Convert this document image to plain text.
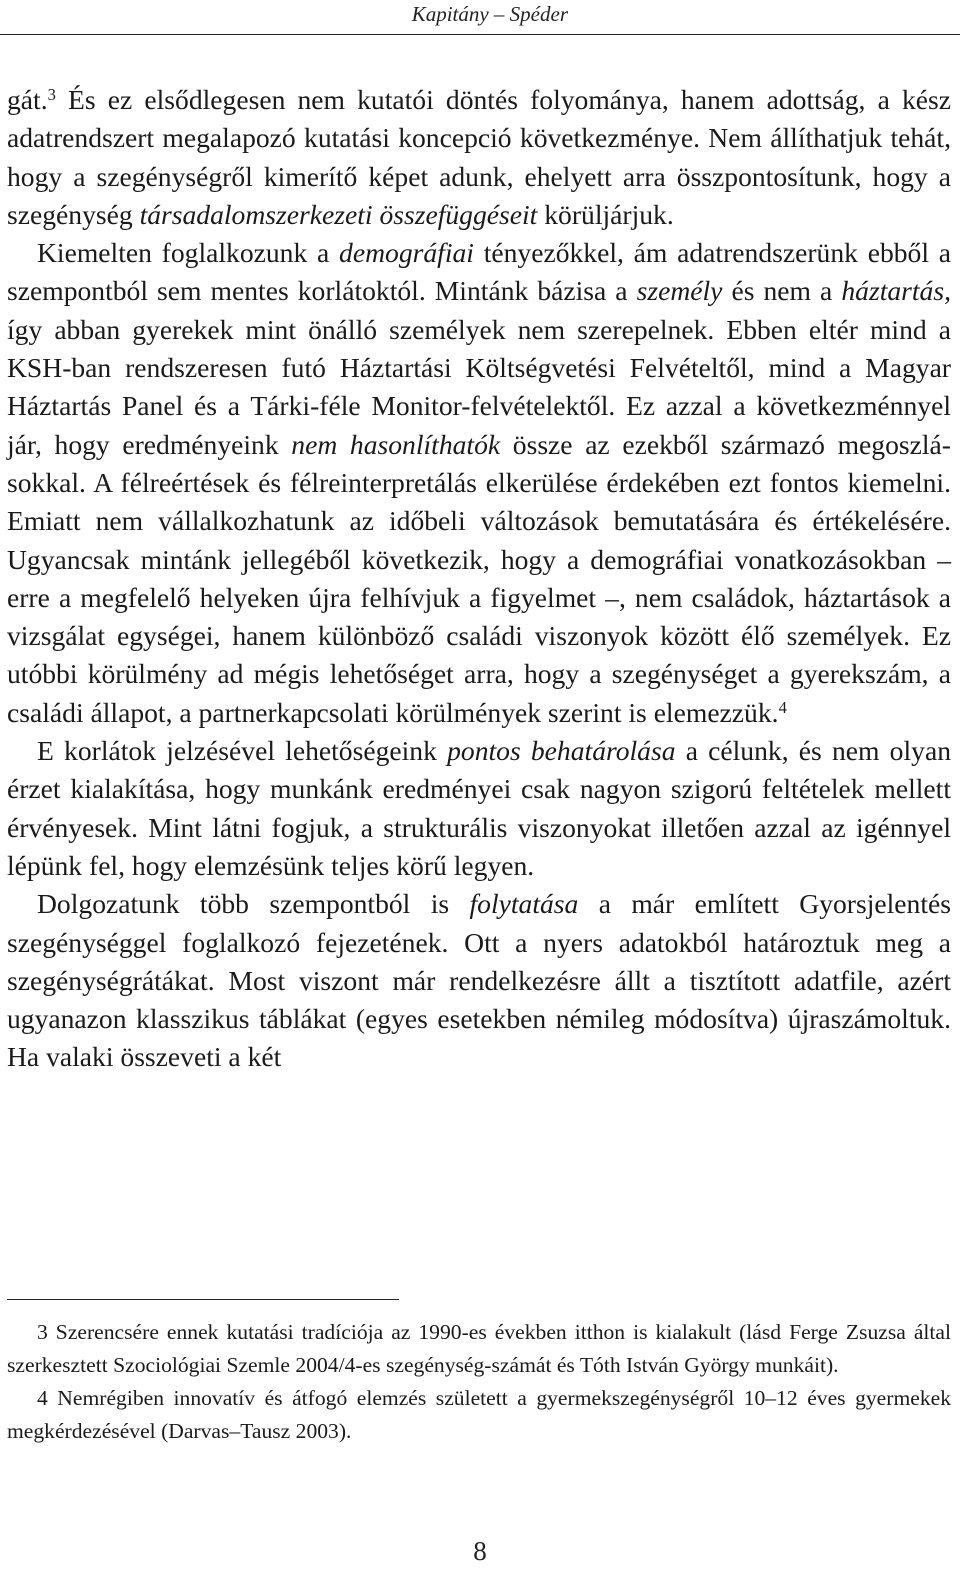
Kapitány – Spéder

gát.$^3$ És ez elsődlegesen nem kutatói döntés folyománya, hanem adottság, a kész adatrendszert megalapozó kutatási koncepció következménye. Nem állíthatjuk tehát, hogy a szegénységről kimerítő képet adunk, ehelyett arra összpontosítunk, hogy a szegénység társadalomszerkezeti összefüggéseit körüljárjuk.

Kiemelten foglalkozunk a demográfiai tényezőkkel, ám adatrendszerünk ebből a szempontból sem mentes korlátoktól. Mintánk bázisa a személy és nem a háztartás, így abban gyerekek mint önálló személyek nem szerepelnek. Ebben eltér mind a KSH-ban rendszeresen futó Háztartási Költségvetési Felvételtől, mind a Magyar Háztartás Panel és a Tárki-féle Monitor-felvételektől. Ez azzal a következménnyel jár, hogy eredményeink nem hasonlíthatók össze az ezekből származó megoszlásokkal. A félreértések és félreinterpretálás elkerülése érdekében ezt fontos kiemelni. Emiatt nem vállalkozhatunk az időbeli változások bemutatására és értékelésére. Ugyancsak mintánk jellegéből következik, hogy a demográfiai vonatkozásokban – erre a megfelelő helyeken újra felhívjuk a figyelmet –, nem családok, háztartások a vizsgálat egységei, hanem különböző családi viszonyok között élő személyek. Ez utóbbi körülmény ad mégis lehetőséget arra, hogy a szegénységet a gyerekszám, a családi állapot, a partnerkapcsolati körülmények szerint is elemezzük.$^4$

E korlátok jelzésével lehetőségeink pontos behatárolása a célunk, és nem olyan érzet kialakítása, hogy munkánk eredményei csak nagyon szigorú feltételek mellett érvényesek. Mint látni fogjuk, a strukturális viszonyokat illetően azzal az igénnyel lépünk fel, hogy elemzésünk teljes körű legyen.

Dolgozatunk több szempontból is folytatása a már említett Gyorsjelentés szegénységgel foglalkozó fejezetének. Ott a nyers adatokból határoztuk meg a szegénységrátákat. Most viszont már rendelkezésre állt a tisztított adatfile, azért ugyanazon klasszikus táblákat (egyes esetekben némileg módosítva) újraszámoltuk. Ha valaki összeveti a két

3 Szerencsére ennek kutatási tradíciója az 1990-es években itthon is kialakult (lásd Ferge Zsuzsa által szerkesztett Szociológiai Szemle 2004/4-es szegénység-számát és Tóth István György munkáit).

4 Nemrégiben innovatív és átfogó elemzés született a gyermekszegénységről 10–12 éves gyermekek megkérdezésével (Darvas–Tausz 2003).

8
